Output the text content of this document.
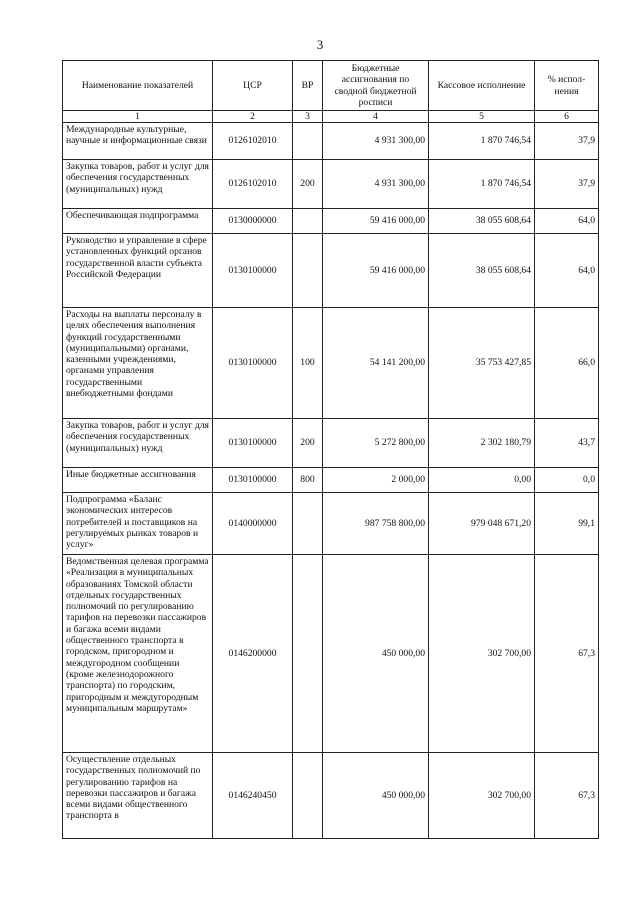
3
Наименование показателей	ЦСР	ВР	Бюджетные ассигнования по сводной бюджетной росписи	Кассовое исполнение	% испол-нения
1	2	3	4	5	6
Международные культурные, научные и информационные связи	0126102010		4 931 300,00	1 870 746,54	37,9
Закупка товаров, работ и услуг для обеспечения государственных (муниципальных) нужд	0126102010	200	4 931 300,00	1 870 746,54	37,9
Обеспечивающая подпрограмма	0130000000		59 416 000,00	38 055 608,64	64,0
Руководство и управление в сфере установленных функций органов государственной власти субъекта Российской Федерации	0130100000		59 416 000,00	38 055 608,64	64,0
Расходы на выплаты персоналу в целях обеспечения выполнения функций государственными (муниципальными) органами, казенными учреждениями, органами управления государственными внебюджетными фондами	0130100000	100	54 141 200,00	35 753 427,85	66,0
Закупка товаров, работ и услуг для обеспечения государственных (муниципальных) нужд	0130100000	200	5 272 800,00	2 302 180,79	43,7
Иные бюджетные ассигнования	0130100000	800	2 000,00	0,00	0,0
Подпрограмма «Баланс экономических интересов потребителей и поставщиков на регулируемых рынках товаров и услуг»	0140000000		987 758 800,00	979 048 671,20	99,1
Ведомственная целевая программа «Реализация в муниципальных образованиях Томской области отдельных государственных полномочий по регулированию тарифов на перевозки пассажиров и багажа всеми видами общественного транспорта в городском, пригородном и междугородном сообщении (кроме железнодорожного транспорта) по городским, пригородным и междугородным муниципальным маршрутам»	0146200000		450 000,00	302 700,00	67,3
Осуществление отдельных государственных полномочий по регулированию тарифов на перевозки пассажиров и багажа всеми видами общественного транспорта в	0146240450		450 000,00	302 700,00	67,3
